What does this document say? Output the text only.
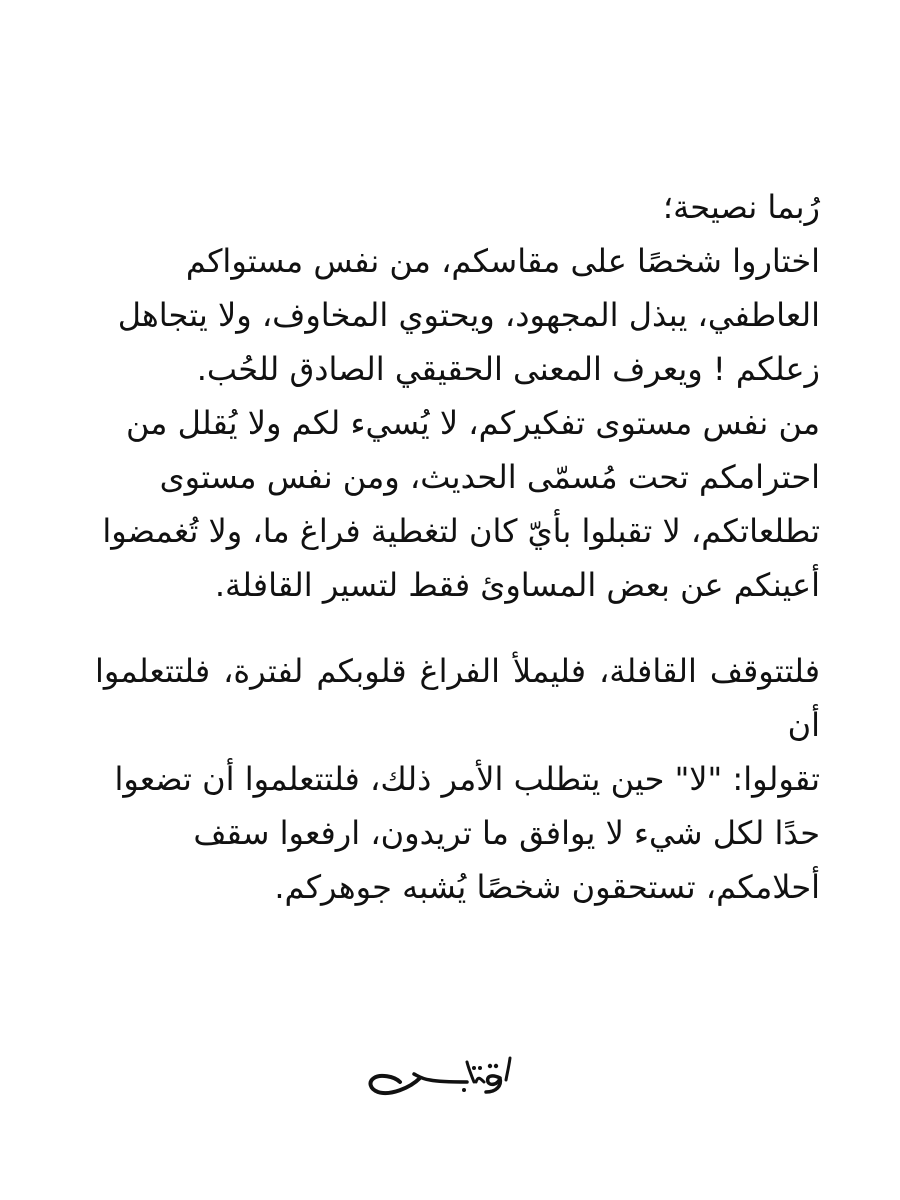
رُبما نصيحة؛

اختاروا شخصًا على مقاسكم، من نفس مستواكم

العاطفي، يبذل المجهود، ويحتوي المخاوف، ولا يتجاهل

زعلكم ! ويعرف المعنى الحقيقي الصادق للحُب.

من نفس مستوى تفكيركم، لا يُسيء لكم ولا يُقلل من

احترامكم تحت مُسمّى الحديث، ومن نفس مستوى

تطلعاتكم، لا تقبلوا بأيّ كان لتغطية فراغ ما، ولا تُغمضوا

أعينكم عن بعض المساوئ فقط لتسير القافلة.

فلتتوقف القافلة، فليملأ الفراغ قلوبكم لفترة، فلتتعلموا أن

تقولوا: "لا" حين يتطلب الأمر ذلك، فلتتعلموا أن تضعوا

حدًا لكل شيء لا يوافق ما تريدون، ارفعوا سقف

أحلامكم، تستحقون شخصًا يُشبه جوهركم.
